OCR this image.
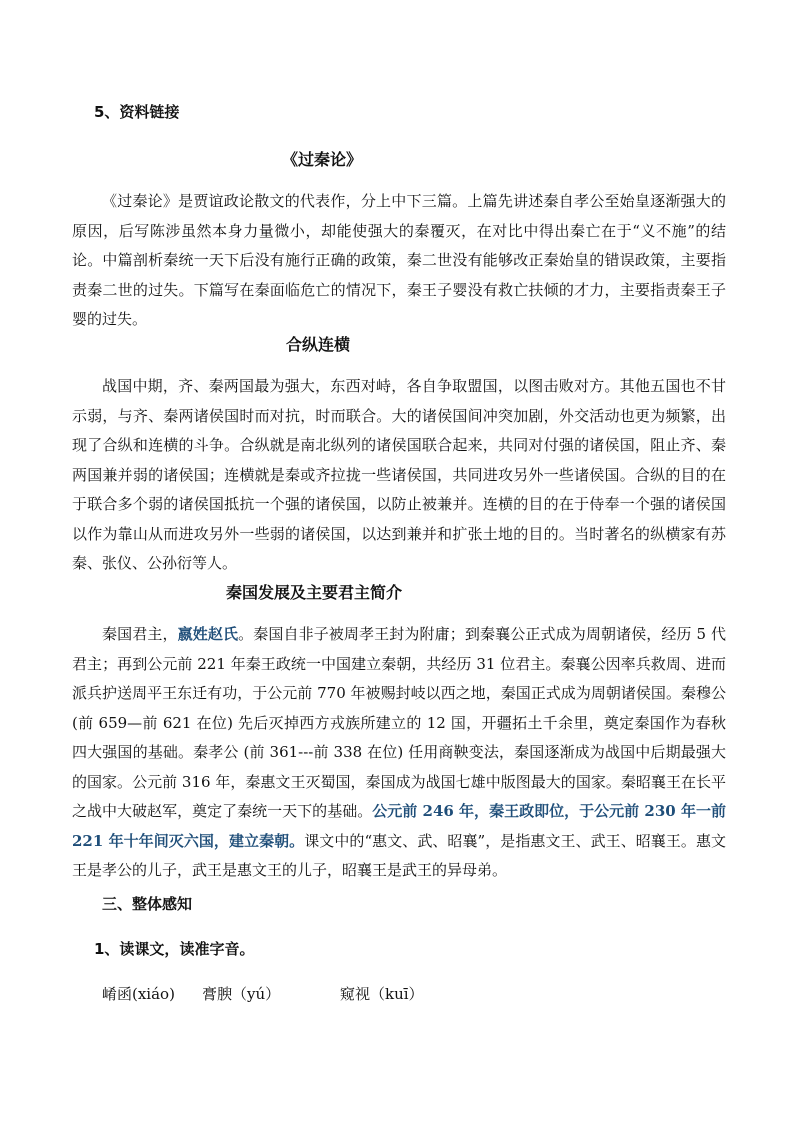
5、资料链接
《过秦论》

《过秦论》是贾谊政论散文的代表作，分上中下三篇。上篇先讲述秦自孝公至始皇逐渐强大的原因，后写陈涉虽然本身力量微小，却能使强大的秦覆灭，在对比中得出秦亡在于“义不施”的结论。中篇剖析秦统一天下后没有施行正确的政策，秦二世没有能够改正秦始皇的错误政策，主要指责秦二世的过失。下篇写在秦面临危亡的情况下，秦王子婴没有救亡扶倾的才力，主要指责秦王子婴的过失。

合纵连横

战国中期，齐、秦两国最为强大，东西对峙，各自争取盟国，以图击败对方。其他五国也不甘示弱，与齐、秦两诸侯国时而对抗，时而联合。大的诸侯国间冲突加剧，外交活动也更为频繁，出现了合纵和连横的斗争。合纵就是南北纵列的诸侯国联合起来，共同对付强的诸侯国，阻止齐、秦两国兼并弱的诸侯国；连横就是秦或齐拉拢一些诸侯国，共同进攻另外一些诸侯国。合纵的目的在于联合多个弱的诸侯国抵抗一个强的诸侯国，以防止被兼并。连横的目的在于侍奉一个强的诸侯国以作为靠山从而进攻另外一些弱的诸侯国，以达到兼并和扩张土地的目的。当时著名的纵横家有苏秦、张仪、公孙衍等人。

秦国发展及主要君主简介

秦国君主，嬴姓赵氏。秦国自非子被周孝王封为附庸；到秦襄公正式成为周朝诸侯，经历 5 代君主；再到公元前 221 年秦王政统一中国建立秦朝，共经历 31 位君主。秦襄公因率兵救周、进而派兵护送周平王东迁有功，于公元前 770 年被赐封岐以西之地，秦国正式成为周朝诸侯国。秦穆公 (前 659—前 621 在位) 先后灭掉西方戎族所建立的 12 国，开疆拓土千余里，奠定秦国作为春秋四大强国的基础。秦孝公 (前 361---前 338 在位) 任用商鞅变法，秦国逐渐成为战国中后期最强大的国家。公元前 316 年，秦惠文王灭蜀国，秦国成为战国七雄中版图最大的国家。秦昭襄王在长平之战中大破赵军，奠定了秦统一天下的基础。公元前 246 年，秦王政即位，于公元前 230 年一前 221 年十年间灭六国，建立秦朝。课文中的“惠文、武、昭襄”，是指惠文王、武王、昭襄王。惠文王是孝公的儿子，武王是惠文王的儿子，昭襄王是武王的异母弟。

三、整体感知
1、读课文，读准字音。
崤函(xiáo) 膏腴（yú）	窥视（kuī）
